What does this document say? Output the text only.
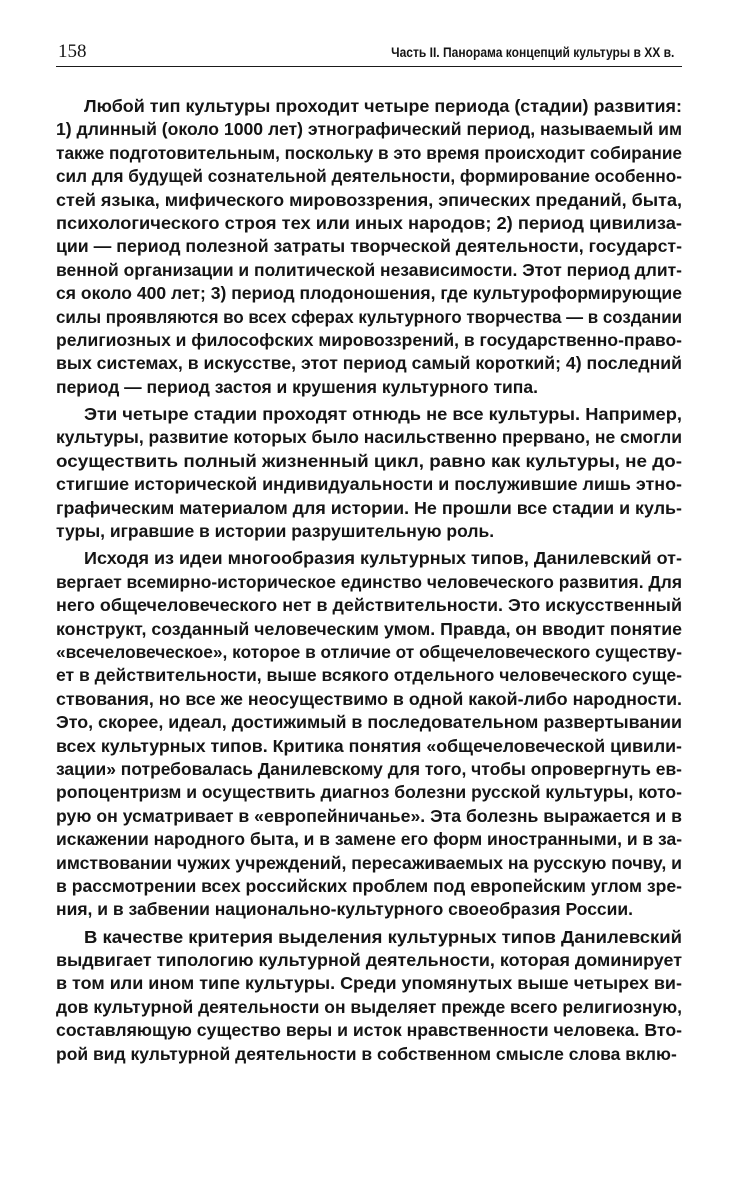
158	Часть II. Панорама концепций культуры в XX в.
Любой тип культуры проходит четыре периода (стадии) развития:
1) длинный (около 1000 лет) этнографический период, называемый им
также подготовительным, поскольку в это время происходит собирание
сил для будущей сознательной деятельности, формирование особенно-
стей языка, мифического мировоззрения, эпических преданий, быта,
психологического строя тех или иных народов; 2) период цивилиза-
ции — период полезной затраты творческой деятельности, государст-
венной организации и политической независимости. Этот период длит-
ся около 400 лет; 3) период плодоношения, где культуроформирующие
силы проявляются во всех сферах культурного творчества — в создании
религиозных и философских мировоззрений, в государственно-право-
вых системах, в искусстве, этот период самый короткий; 4) последний
период — период застоя и крушения культурного типа.
Эти четыре стадии проходят отнюдь не все культуры. Например,
культуры, развитие которых было насильственно прервано, не смогли
осуществить полный жизненный цикл, равно как культуры, не до-
стигшие исторической индивидуальности и послужившие лишь этно-
графическим материалом для истории. Не прошли все стадии и куль-
туры, игравшие в истории разрушительную роль.
Исходя из идеи многообразия культурных типов, Данилевский от-
вергает всемирно-историческое единство человеческого развития. Для
него общечеловеческого нет в действительности. Это искусственный
конструкт, созданный человеческим умом. Правда, он вводит понятие
«всечеловеческое», которое в отличие от общечеловеческого существу-
ет в действительности, выше всякого отдельного человеческого суще-
ствования, но все же неосуществимо в одной какой-либо народности.
Это, скорее, идеал, достижимый в последовательном развертывании
всех культурных типов. Критика понятия «общечеловеческой цивили-
зации» потребовалась Данилевскому для того, чтобы опровергнуть ев-
ропоцентризм и осуществить диагноз болезни русской культуры, кото-
рую он усматривает в «европейничанье». Эта болезнь выражается и в
искажении народного быта, и в замене его форм иностранными, и в за-
имствовании чужих учреждений, пересаживаемых на русскую почву, и
в рассмотрении всех российских проблем под европейским углом зре-
ния, и в забвении национально-культурного своеобразия России.
В качестве критерия выделения культурных типов Данилевский
выдвигает типологию культурной деятельности, которая доминирует
в том или ином типе культуры. Среди упомянутых выше четырех ви-
дов культурной деятельности он выделяет прежде всего религиозную,
составляющую существо веры и исток нравственности человека. Вто-
рой вид культурной деятельности в собственном смысле слова вклю-
